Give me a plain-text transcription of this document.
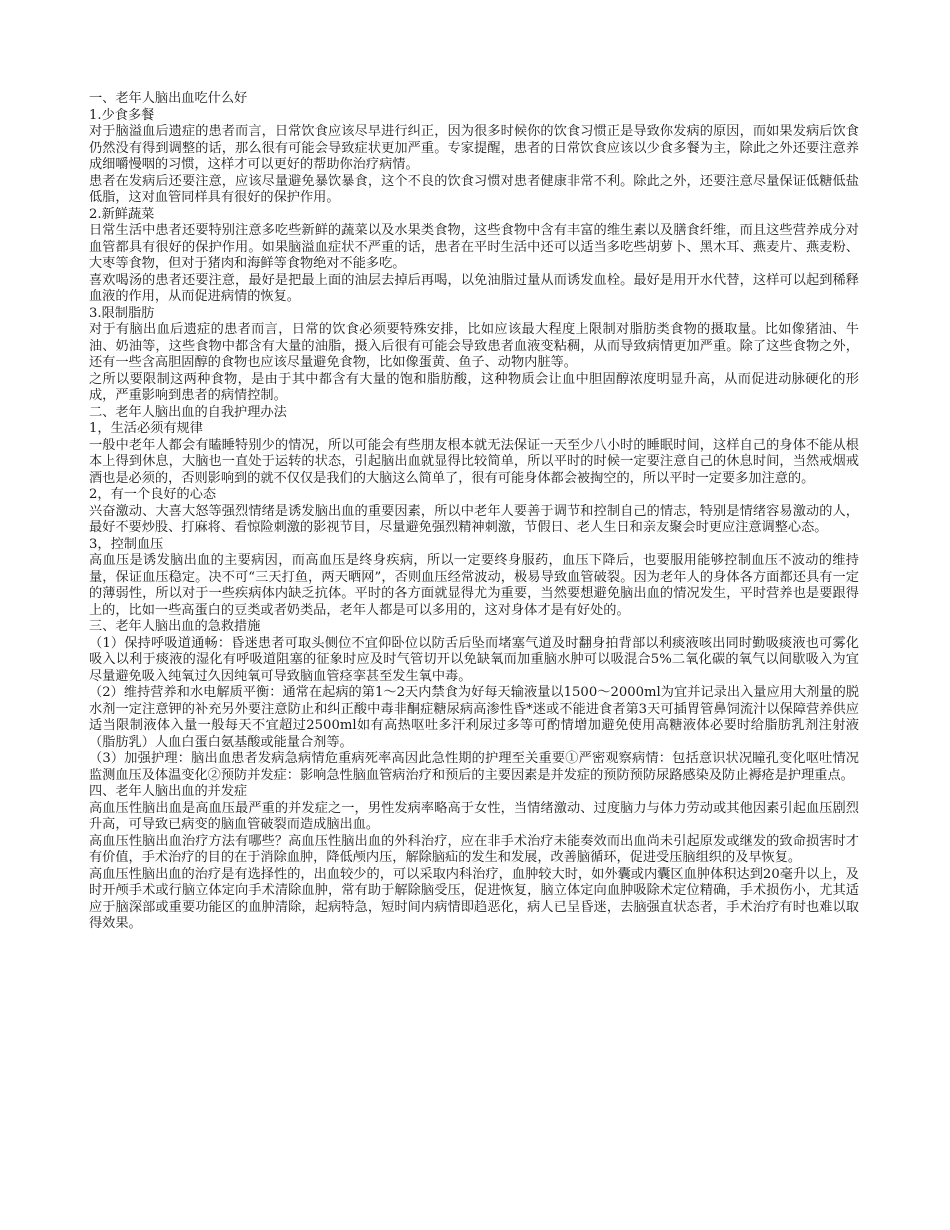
一、老年人脑出血吃什么好

1.少食多餐

对于脑溢血后遗症的患者而言，日常饮食应该尽早进行纠正，因为很多时候你的饮食习惯正是导致你发病的原因，而如果发病后饮食仍然没有得到调整的话，那么很有可能会导致症状更加严重。专家提醒，患者的日常饮食应该以少食多餐为主，除此之外还要注意养成细嚼慢咽的习惯，这样才可以更好的帮助你治疗病情。

患者在发病后还要注意，应该尽量避免暴饮暴食，这个不良的饮食习惯对患者健康非常不利。除此之外，还要注意尽量保证低糖低盐低脂，这对血管同样具有很好的保护作用。

2.新鲜蔬菜

日常生活中患者还要特别注意多吃些新鲜的蔬菜以及水果类食物，这些食物中含有丰富的维生素以及膳食纤维，而且这些营养成分对血管都具有很好的保护作用。如果脑溢血症状不严重的话，患者在平时生活中还可以适当多吃些胡萝卜、黑木耳、燕麦片、燕麦粉、大枣等食物，但对于猪肉和海鲜等食物绝对不能多吃。

喜欢喝汤的患者还要注意，最好是把最上面的油层去掉后再喝，以免油脂过量从而诱发血栓。最好是用开水代替，这样可以起到稀释血液的作用，从而促进病情的恢复。

3.限制脂肪

对于有脑出血后遗症的患者而言，日常的饮食必须要特殊安排，比如应该最大程度上限制对脂肪类食物的摄取量。比如像猪油、牛油、奶油等，这些食物中都含有大量的油脂，摄入后很有可能会导致患者血液变粘稠，从而导致病情更加严重。除了这些食物之外，还有一些含高胆固醇的食物也应该尽量避免食物，比如像蛋黄、鱼子、动物内脏等。

之所以要限制这两种食物，是由于其中都含有大量的饱和脂肪酸，这种物质会让血中胆固醇浓度明显升高，从而促进动脉硬化的形成，严重影响到患者的病情控制。

二、老年人脑出血的自我护理办法

1，生活必须有规律

一般中老年人都会有瞌睡特别少的情况，所以可能会有些朋友根本就无法保证一天至少八小时的睡眠时间，这样自己的身体不能从根本上得到休息，大脑也一直处于运转的状态，引起脑出血就显得比较简单，所以平时的时候一定要注意自己的休息时间，当然戒烟戒酒也是必须的，否则影响到的就不仅仅是我们的大脑这么简单了，很有可能身体都会被掏空的，所以平时一定要多加注意的。

2，有一个良好的心态

兴奋激动、大喜大怒等强烈情绪是诱发脑出血的重要因素，所以中老年人要善于调节和控制自己的情志，特别是情绪容易激动的人，最好不要炒股、打麻将、看惊险刺激的影视节目，尽量避免强烈精神刺激，节假日、老人生日和亲友聚会时更应注意调整心态。

3，控制血压

高血压是诱发脑出血的主要病因，而高血压是终身疾病，所以一定要终身服药，血压下降后，也要服用能够控制血压不波动的维持量，保证血压稳定。决不可“三天打鱼，两天晒网”，否则血压经常波动，极易导致血管破裂。因为老年人的身体各方面都还具有一定的薄弱性，所以对于一些疾病体内缺乏抗体。平时的各方面就显得尤为重要，当然要想避免脑出血的情况发生，平时营养也是要跟得上的，比如一些高蛋白的豆类或者奶类品，老年人都是可以多用的，这对身体才是有好处的。

三、老年人脑出血的急救措施

（1）保持呼吸道通畅：昏迷患者可取头侧位不宜仰卧位以防舌后坠而堵塞气道及时翻身拍背部以利痰液咳出同时勤吸痰液也可雾化吸入以利于痰液的湿化有呼吸道阻塞的征象时应及时气管切开以免缺氧而加重脑水肿可以吸混合5%二氧化碳的氧气以间歇吸入为宜尽量避免吸入纯氧过久因纯氧可导致脑血管痉挛甚至发生氧中毒。

（2）维持营养和水电解质平衡：通常在起病的第1～2天内禁食为好每天输液量以1500～2000ml为宜并记录出入量应用大剂量的脱水剂一定注意钾的补充另外要注意防止和纠正酸中毒非酮症糖尿病高渗性昏*迷或不能进食者第3天可插胃管鼻饲流汁以保障营养供应适当限制液体入量一般每天不宜超过2500ml如有高热呕吐多汗利尿过多等可酌情增加避免使用高糖液体必要时给脂肪乳剂注射液（脂肪乳）人血白蛋白氨基酸或能量合剂等。

（3）加强护理：脑出血患者发病急病情危重病死率高因此急性期的护理至关重要①严密观察病情：包括意识状况瞳孔变化呕吐情况监测血压及体温变化②预防并发症：影响急性脑血管病治疗和预后的主要因素是并发症的预防预防尿路感染及防止褥疮是护理重点。

四、老年人脑出血的并发症

高血压性脑出血是高血压最严重的并发症之一，男性发病率略高于女性，当情绪激动、过度脑力与体力劳动或其他因素引起血压剧烈升高，可导致已病变的脑血管破裂而造成脑出血。

高血压性脑出血治疗方法有哪些？高血压性脑出血的外科治疗，应在非手术治疗未能奏效而出血尚未引起原发或继发的致命损害时才有价值，手术治疗的目的在于消除血肿，降低颅内压，解除脑疝的发生和发展，改善脑循环，促进受压脑组织的及早恢复。

高血压性脑出血的治疗是有选择性的，出血较少的，可以采取内科治疗，血肿较大时，如外囊或内囊区血肿体积达到20毫升以上，及时开颅手术或行脑立体定向手术清除血肿，常有助于解除脑受压，促进恢复，脑立体定向血肿吸除术定位精确，手术损伤小，尤其适应于脑深部或重要功能区的血肿清除，起病特急，短时间内病情即趋恶化，病人已呈昏迷，去脑强直状态者，手术治疗有时也难以取得效果。
